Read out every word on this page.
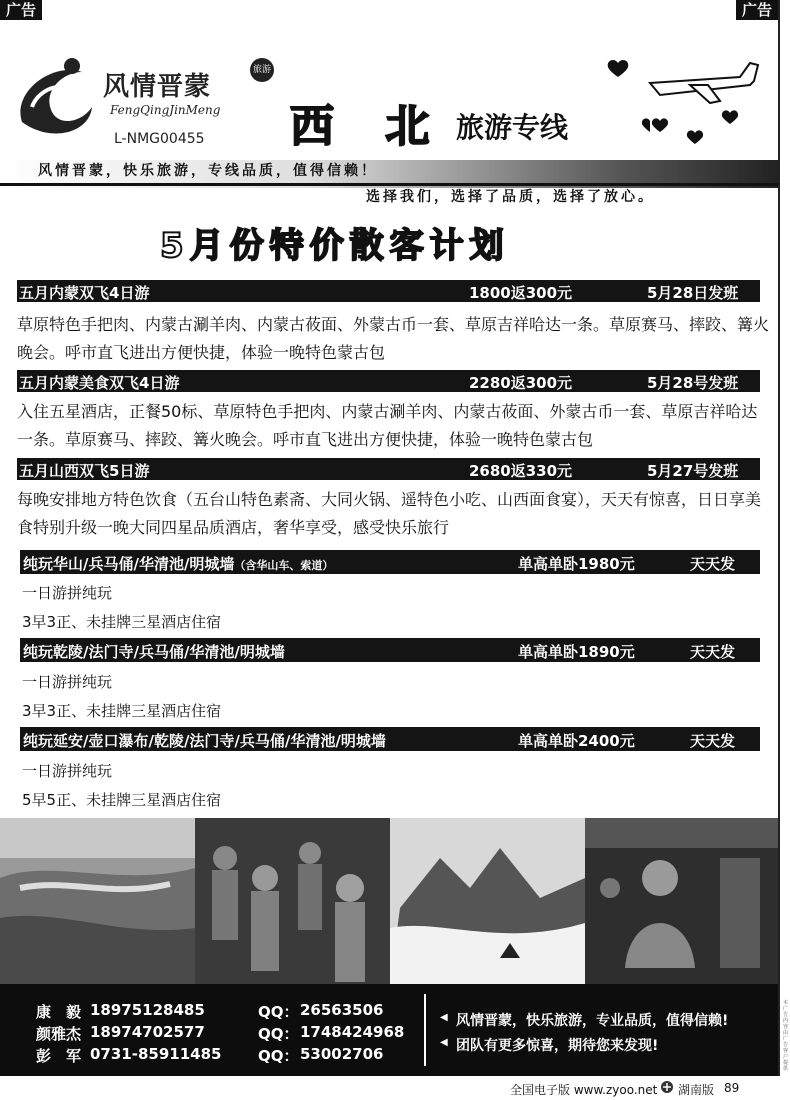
广告	广告
风情晋蒙
旅游
FengQingJinMeng
L-NMG00455 西 北 旅游专线
风情晋蒙，快乐旅游，专线品质，值得信赖！
选择我们，选择了品质，选择了放心。
5月份特价散客计划
五月内蒙双飞4日游	1800返300元	5月28日发班
草原特色手把肉、内蒙古涮羊肉、内蒙古莜面、外蒙古币一套、草原吉祥哈达一条。草原赛马、摔跤、篝火晚会。呼市直飞进出方便快捷，体验一晚特色蒙古包
五月内蒙美食双飞4日游	2280返300元	5月28号发班
入住五星酒店，正餐50标、草原特色手把肉、内蒙古涮羊肉、内蒙古莜面、外蒙古币一套、草原吉祥哈达一条。草原赛马、摔跤、篝火晚会。呼市直飞进出方便快捷，体验一晚特色蒙古包
五月山西双飞5日游	2680返330元	5月27号发班
每晚安排地方特色饮食（五台山特色素斋、大同火锅、遥特色小吃、山西面食宴），天天有惊喜，日日享美食特别升级一晚大同四星品质酒店，奢华享受，感受快乐旅行
纯玩华山/兵马俑/华清池/明城墙（含华山车、索道）	单高单卧1980元	天天发
一日游拼纯玩
3早3正、未挂牌三星酒店住宿
纯玩乾陵/法门寺/兵马俑/华清池/明城墙	单高单卧1890元	天天发
一日游拼纯玩
3早3正、未挂牌三星酒店住宿
纯玩延安/壶口瀑布/乾陵/法门寺/兵马俑/华清池/明城墙	单高单卧2400元	天天发
一日游拼纯玩
5早5正、未挂牌三星酒店住宿
康　毅 18975128485	QQ： 26563506
颜雅杰 18974702577	QQ： 1748424968
彭　军 0731-85911485 QQ： 53002706
◀ 风情晋蒙，快乐旅游，专业品质，值得信赖!
◀ 团队有更多惊喜，期待您来发现!
全国电子版 www.zyoo.net 湖南版 89
本广告内容由广告客户提供
